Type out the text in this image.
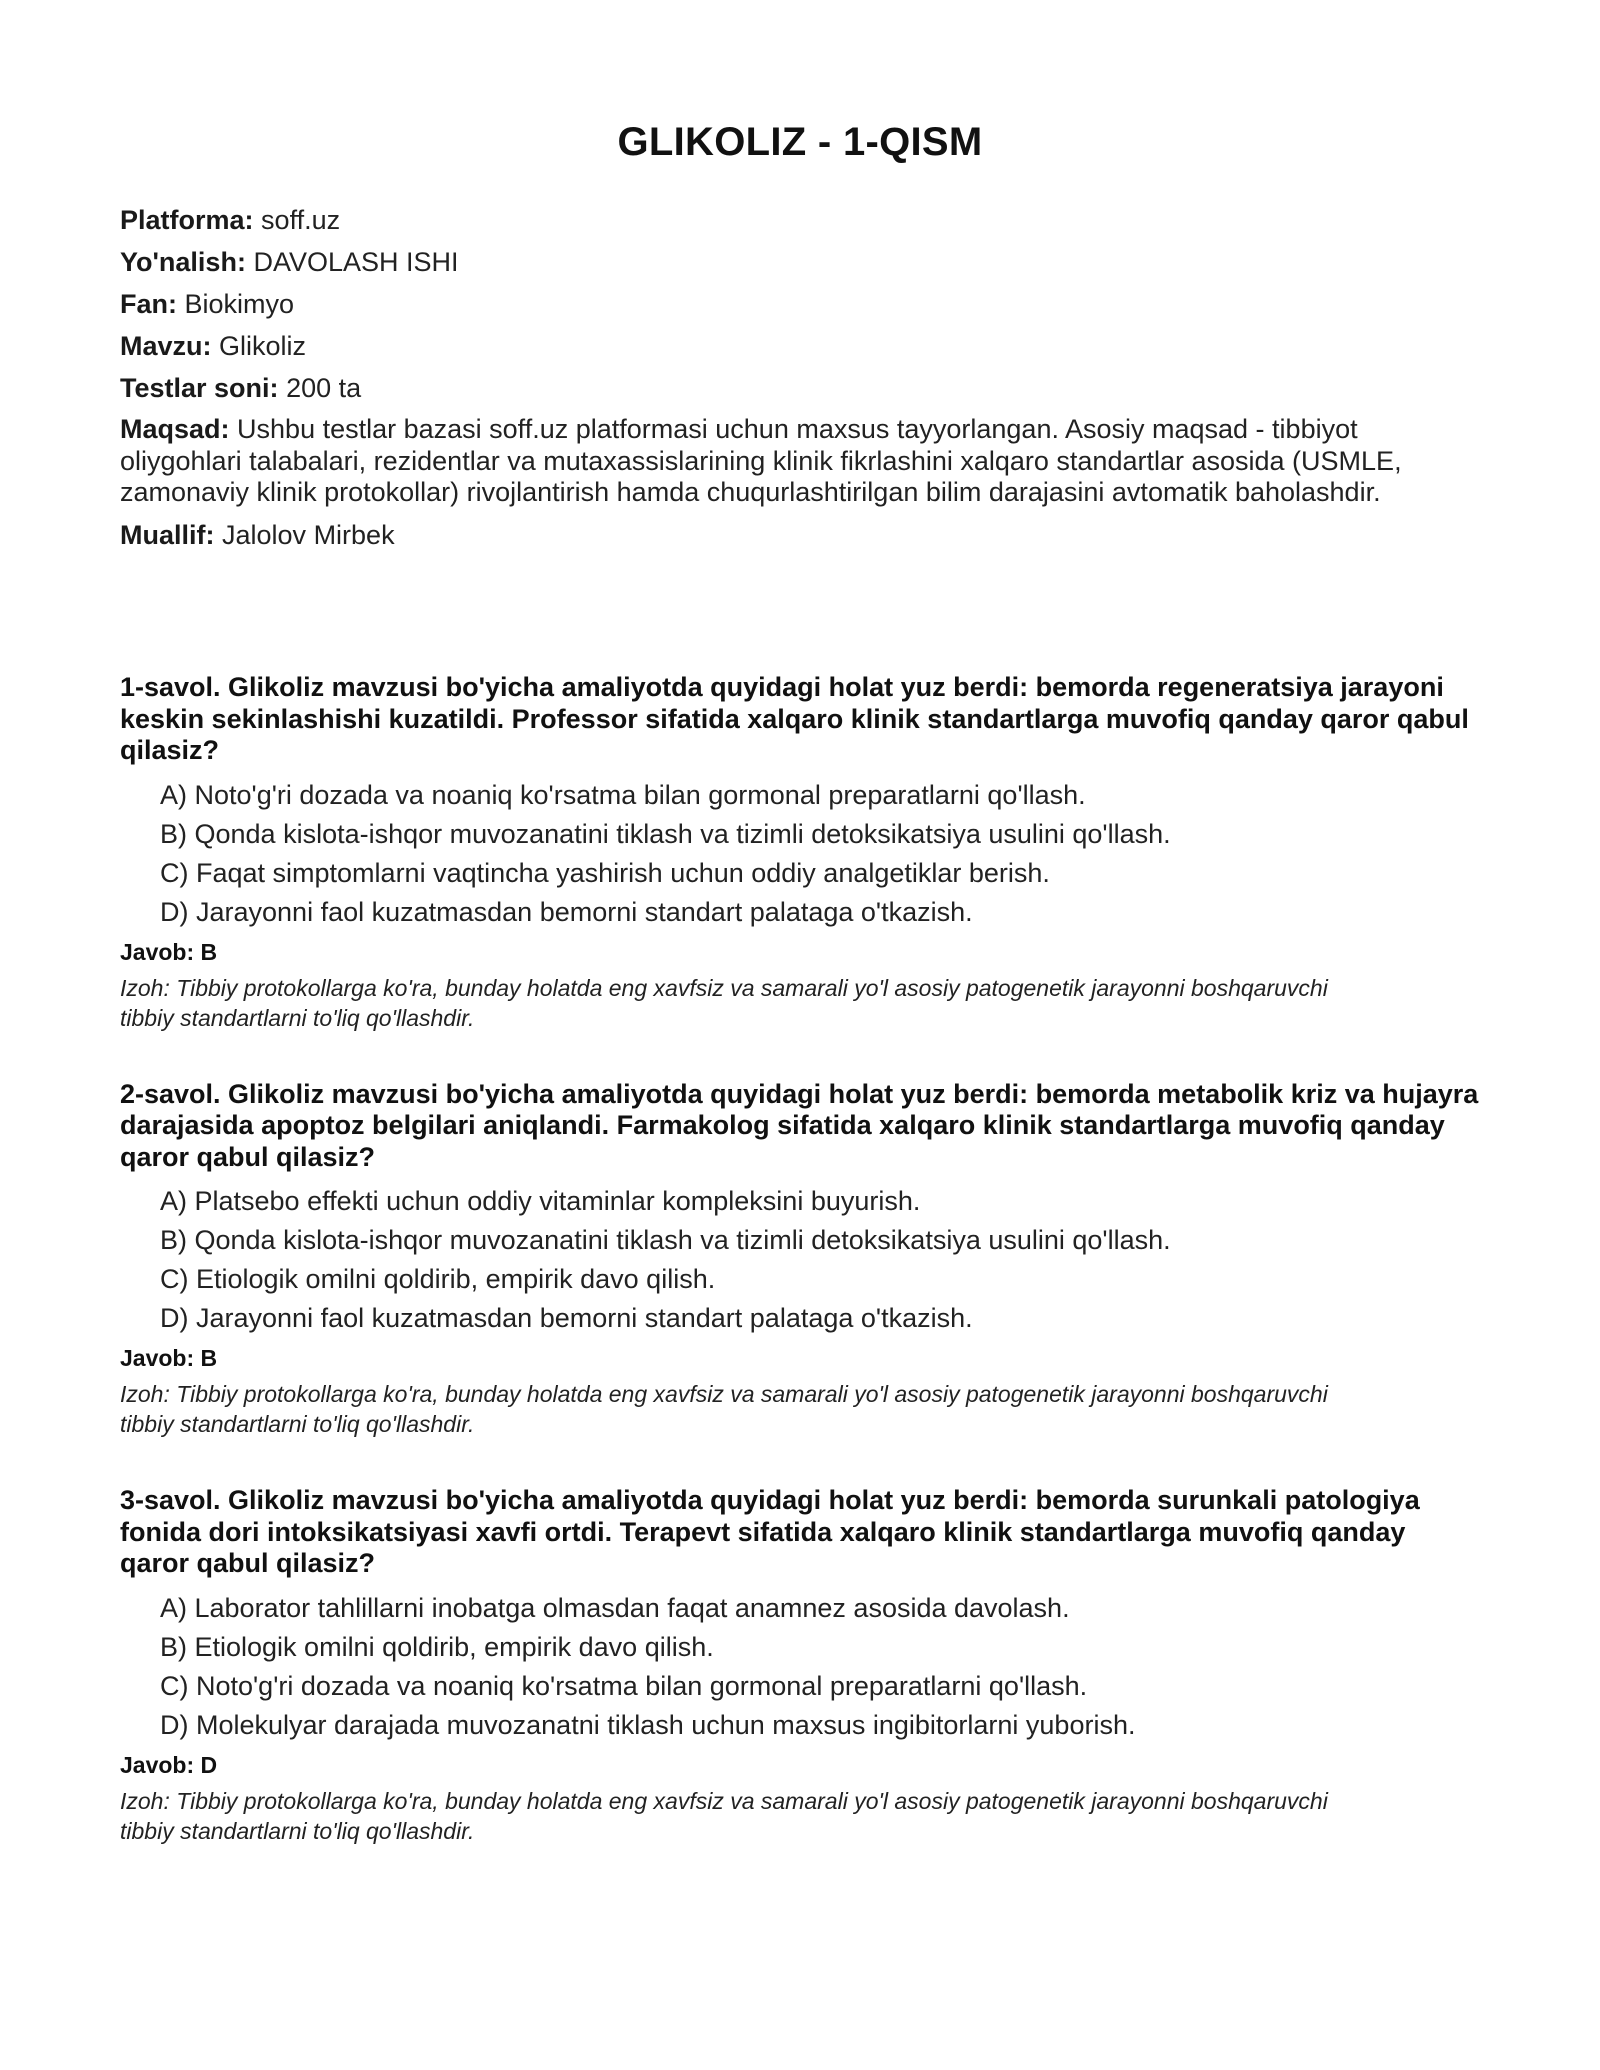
GLIKOLIZ - 1-QISM
Platforma: soff.uz
Yo'nalish: DAVOLASH ISHI
Fan: Biokimyo
Mavzu: Glikoliz
Testlar soni: 200 ta
Maqsad: Ushbu testlar bazasi soff.uz platformasi uchun maxsus tayyorlangan. Asosiy maqsad - tibbiyot oliygohlari talabalari, rezidentlar va mutaxassislarining klinik fikrlashini xalqaro standartlar asosida (USMLE, zamonaviy klinik protokollar) rivojlantirish hamda chuqurlashtirilgan bilim darajasini avtomatik baholashdir.
Muallif: Jalolov Mirbek
1-savol. Glikoliz mavzusi bo'yicha amaliyotda quyidagi holat yuz berdi: bemorda regeneratsiya jarayoni keskin sekinlashishi kuzatildi. Professor sifatida xalqaro klinik standartlarga muvofiq qanday qaror qabul qilasiz?
A) Noto'g'ri dozada va noaniq ko'rsatma bilan gormonal preparatlarni qo'llash.
B) Qonda kislota-ishqor muvozanatini tiklash va tizimli detoksikatsiya usulini qo'llash.
C) Faqat simptomlarni vaqtincha yashirish uchun oddiy analgetiklar berish.
D) Jarayonni faol kuzatmasdan bemorni standart palataga o'tkazish.
Javob: B
Izoh: Tibbiy protokollarga ko'ra, bunday holatda eng xavfsiz va samarali yo'l asosiy patogenetik jarayonni boshqaruvchi tibbiy standartlarni to'liq qo'llashdir.
2-savol. Glikoliz mavzusi bo'yicha amaliyotda quyidagi holat yuz berdi: bemorda metabolik kriz va hujayra darajasida apoptoz belgilari aniqlandi. Farmakolog sifatida xalqaro klinik standartlarga muvofiq qanday qaror qabul qilasiz?
A) Platsebo effekti uchun oddiy vitaminlar kompleksini buyurish.
B) Qonda kislota-ishqor muvozanatini tiklash va tizimli detoksikatsiya usulini qo'llash.
C) Etiologik omilni qoldirib, empirik davo qilish.
D) Jarayonni faol kuzatmasdan bemorni standart palataga o'tkazish.
Javob: B
Izoh: Tibbiy protokollarga ko'ra, bunday holatda eng xavfsiz va samarali yo'l asosiy patogenetik jarayonni boshqaruvchi tibbiy standartlarni to'liq qo'llashdir.
3-savol. Glikoliz mavzusi bo'yicha amaliyotda quyidagi holat yuz berdi: bemorda surunkali patologiya fonida dori intoksikatsiyasi xavfi ortdi. Terapevt sifatida xalqaro klinik standartlarga muvofiq qanday qaror qabul qilasiz?
A) Laborator tahlillarni inobatga olmasdan faqat anamnez asosida davolash.
B) Etiologik omilni qoldirib, empirik davo qilish.
C) Noto'g'ri dozada va noaniq ko'rsatma bilan gormonal preparatlarni qo'llash.
D) Molekulyar darajada muvozanatni tiklash uchun maxsus ingibitorlarni yuborish.
Javob: D
Izoh: Tibbiy protokollarga ko'ra, bunday holatda eng xavfsiz va samarali yo'l asosiy patogenetik jarayonni boshqaruvchi tibbiy standartlarni to'liq qo'llashdir.
